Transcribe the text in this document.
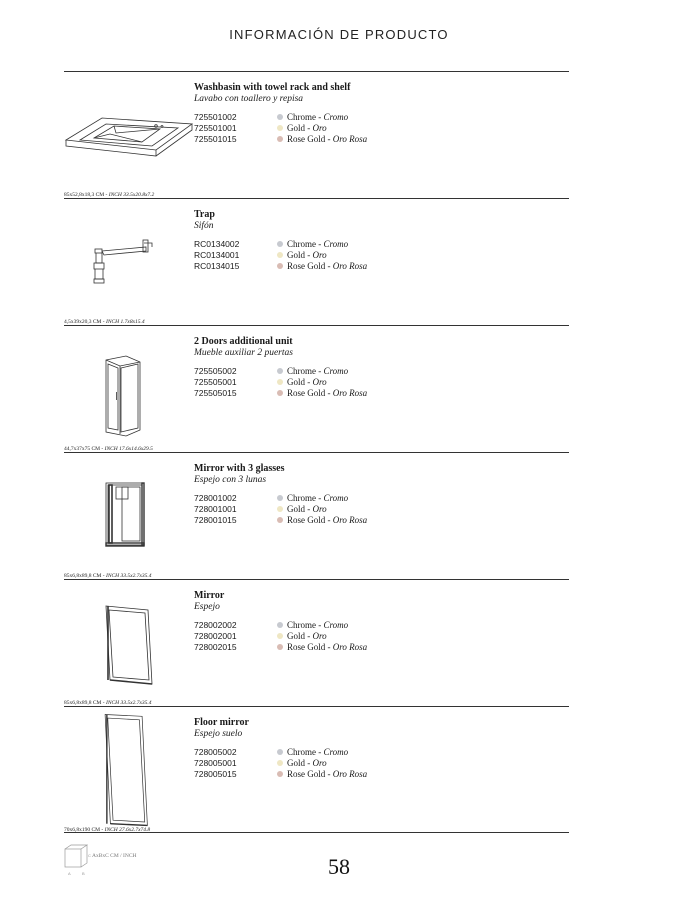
INFORMACIÓN DE PRODUCTO
85x52,8x18,3 CM - INCH 33.5x20.8x7.2
Washbasin with towel rack and shelf
Lavabo con toallero y repisa
725501002	Chrome - Cromo
725501001	Gold - Oro
725501015	Rose Gold - Oro Rosa
4,5x39x20,3 CM - INCH 1.7x8x15.4
Trap
Sifón
RC0134002	Chrome - Cromo
RC0134001	Gold - Oro
RC0134015	Rose Gold - Oro Rosa
44,7x37x75 CM - INCH 17.6x14.6x29.5
2 Doors additional unit
Mueble auxiliar 2 puertas
725505002	Chrome - Cromo
725505001	Gold - Oro
725505015	Rose Gold - Oro Rosa
85x6,8x89,8 CM - INCH 33.5x2.7x35.4
Mirror with 3 glasses
Espejo con 3 lunas
728001002	Chrome - Cromo
728001001	Gold - Oro
728001015	Rose Gold - Oro Rosa
85x6,8x89,8 CM - INCH 33.5x2.7x35.4
Mirror
Espejo
728002002	Chrome - Cromo
728002001	Gold - Oro
728002015	Rose Gold - Oro Rosa
70x6,8x190 CM - INCH 27.6x2.7x74.8
Floor mirror
Espejo suelo
728005002	Chrome - Cromo
728005001	Gold - Oro
728005015	Rose Gold - Oro Rosa
A	B
C AxBxC CM / INCH	58
